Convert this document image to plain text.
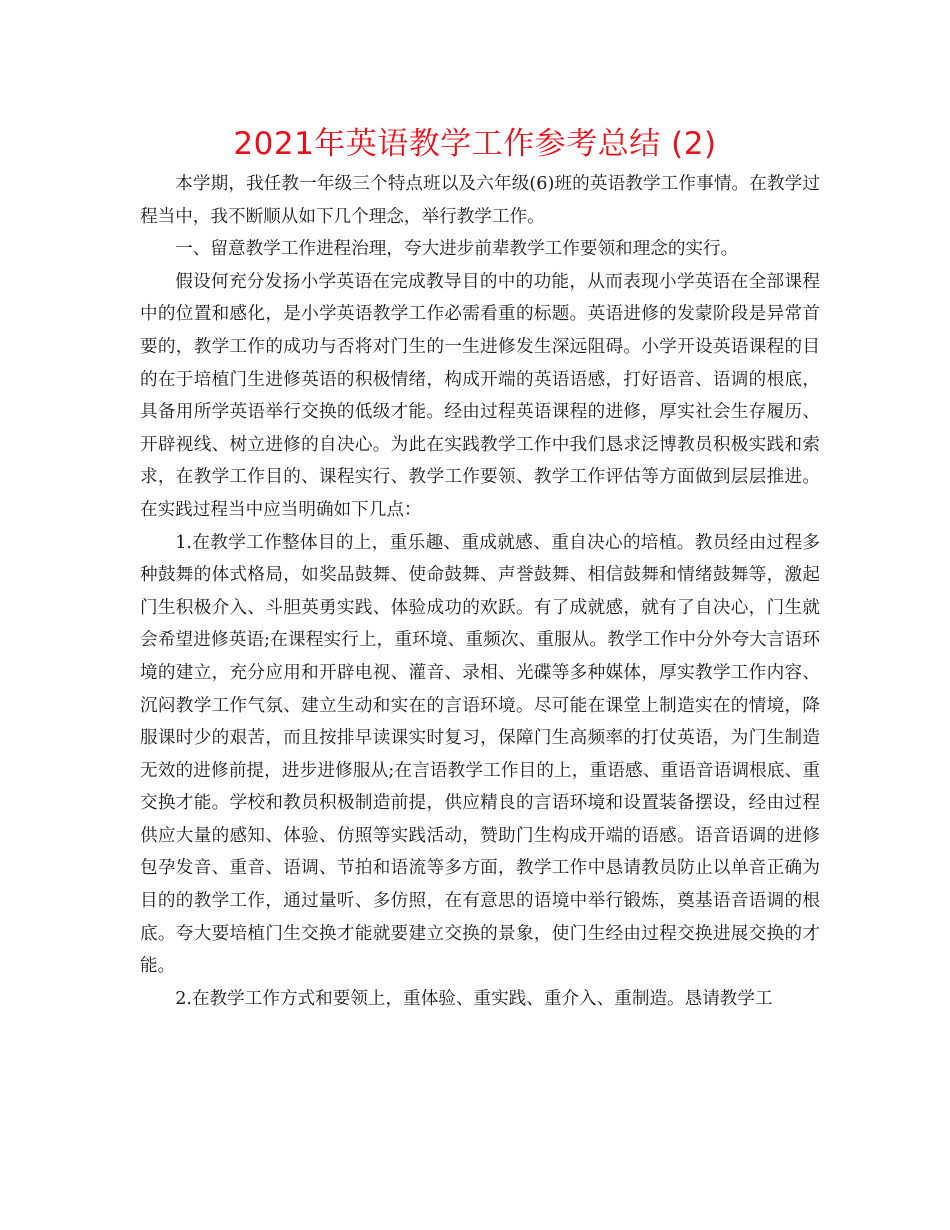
2021年英语教学工作参考总结 (2)

本学期，我任教一年级三个特点班以及六年级(6)班的英语教学工作事情。在教学过程当中，我不断顺从如下几个理念，举行教学工作。

一、留意教学工作进程治理，夸大进步前辈教学工作要领和理念的实行。

假设何充分发扬小学英语在完成教导目的中的功能，从而表现小学英语在全部课程中的位置和感化，是小学英语教学工作必需看重的标题。英语进修的发蒙阶段是异常首要的，教学工作的成功与否将对门生的一生进修发生深远阻碍。小学开设英语课程的目的在于培植门生进修英语的积极情绪，构成开端的英语语感，打好语音、语调的根底，具备用所学英语举行交换的低级才能。经由过程英语课程的进修，厚实社会生存履历、开辟视线、树立进修的自决心。为此在实践教学工作中我们恳求泛博教员积极实践和索求，在教学工作目的、课程实行、教学工作要领、教学工作评估等方面做到层层推进。在实践过程当中应当明确如下几点：

1.在教学工作整体目的上，重乐趣、重成就感、重自决心的培植。教员经由过程多种鼓舞的体式格局，如奖品鼓舞、使命鼓舞、声誉鼓舞、相信鼓舞和情绪鼓舞等，激起门生积极介入、斗胆英勇实践、体验成功的欢跃。有了成就感，就有了自决心，门生就会希望进修英语;在课程实行上，重环境、重频次、重服从。教学工作中分外夸大言语环境的建立，充分应用和开辟电视、灌音、录相、光碟等多种媒体，厚实教学工作内容、沉闷教学工作气氛、建立生动和实在的言语环境。尽可能在课堂上制造实在的情境，降服课时少的艰苦，而且按排早读课实时复习，保障门生高频率的打仗英语，为门生制造无效的进修前提，进步进修服从;在言语教学工作目的上，重语感、重语音语调根底、重交换才能。学校和教员积极制造前提，供应精良的言语环境和设置装备摆设，经由过程供应大量的感知、体验、仿照等实践活动，赞助门生构成开端的语感。语音语调的进修包孕发音、重音、语调、节拍和语流等多方面，教学工作中恳请教员防止以单音正确为目的的教学工作，通过量听、多仿照，在有意思的语境中举行锻炼，奠基语音语调的根底。夸大要培植门生交换才能就要建立交换的景象，使门生经由过程交换进展交换的才能。

2.在教学工作方式和要领上，重体验、重实践、重介入、重制造。恳请教学工
